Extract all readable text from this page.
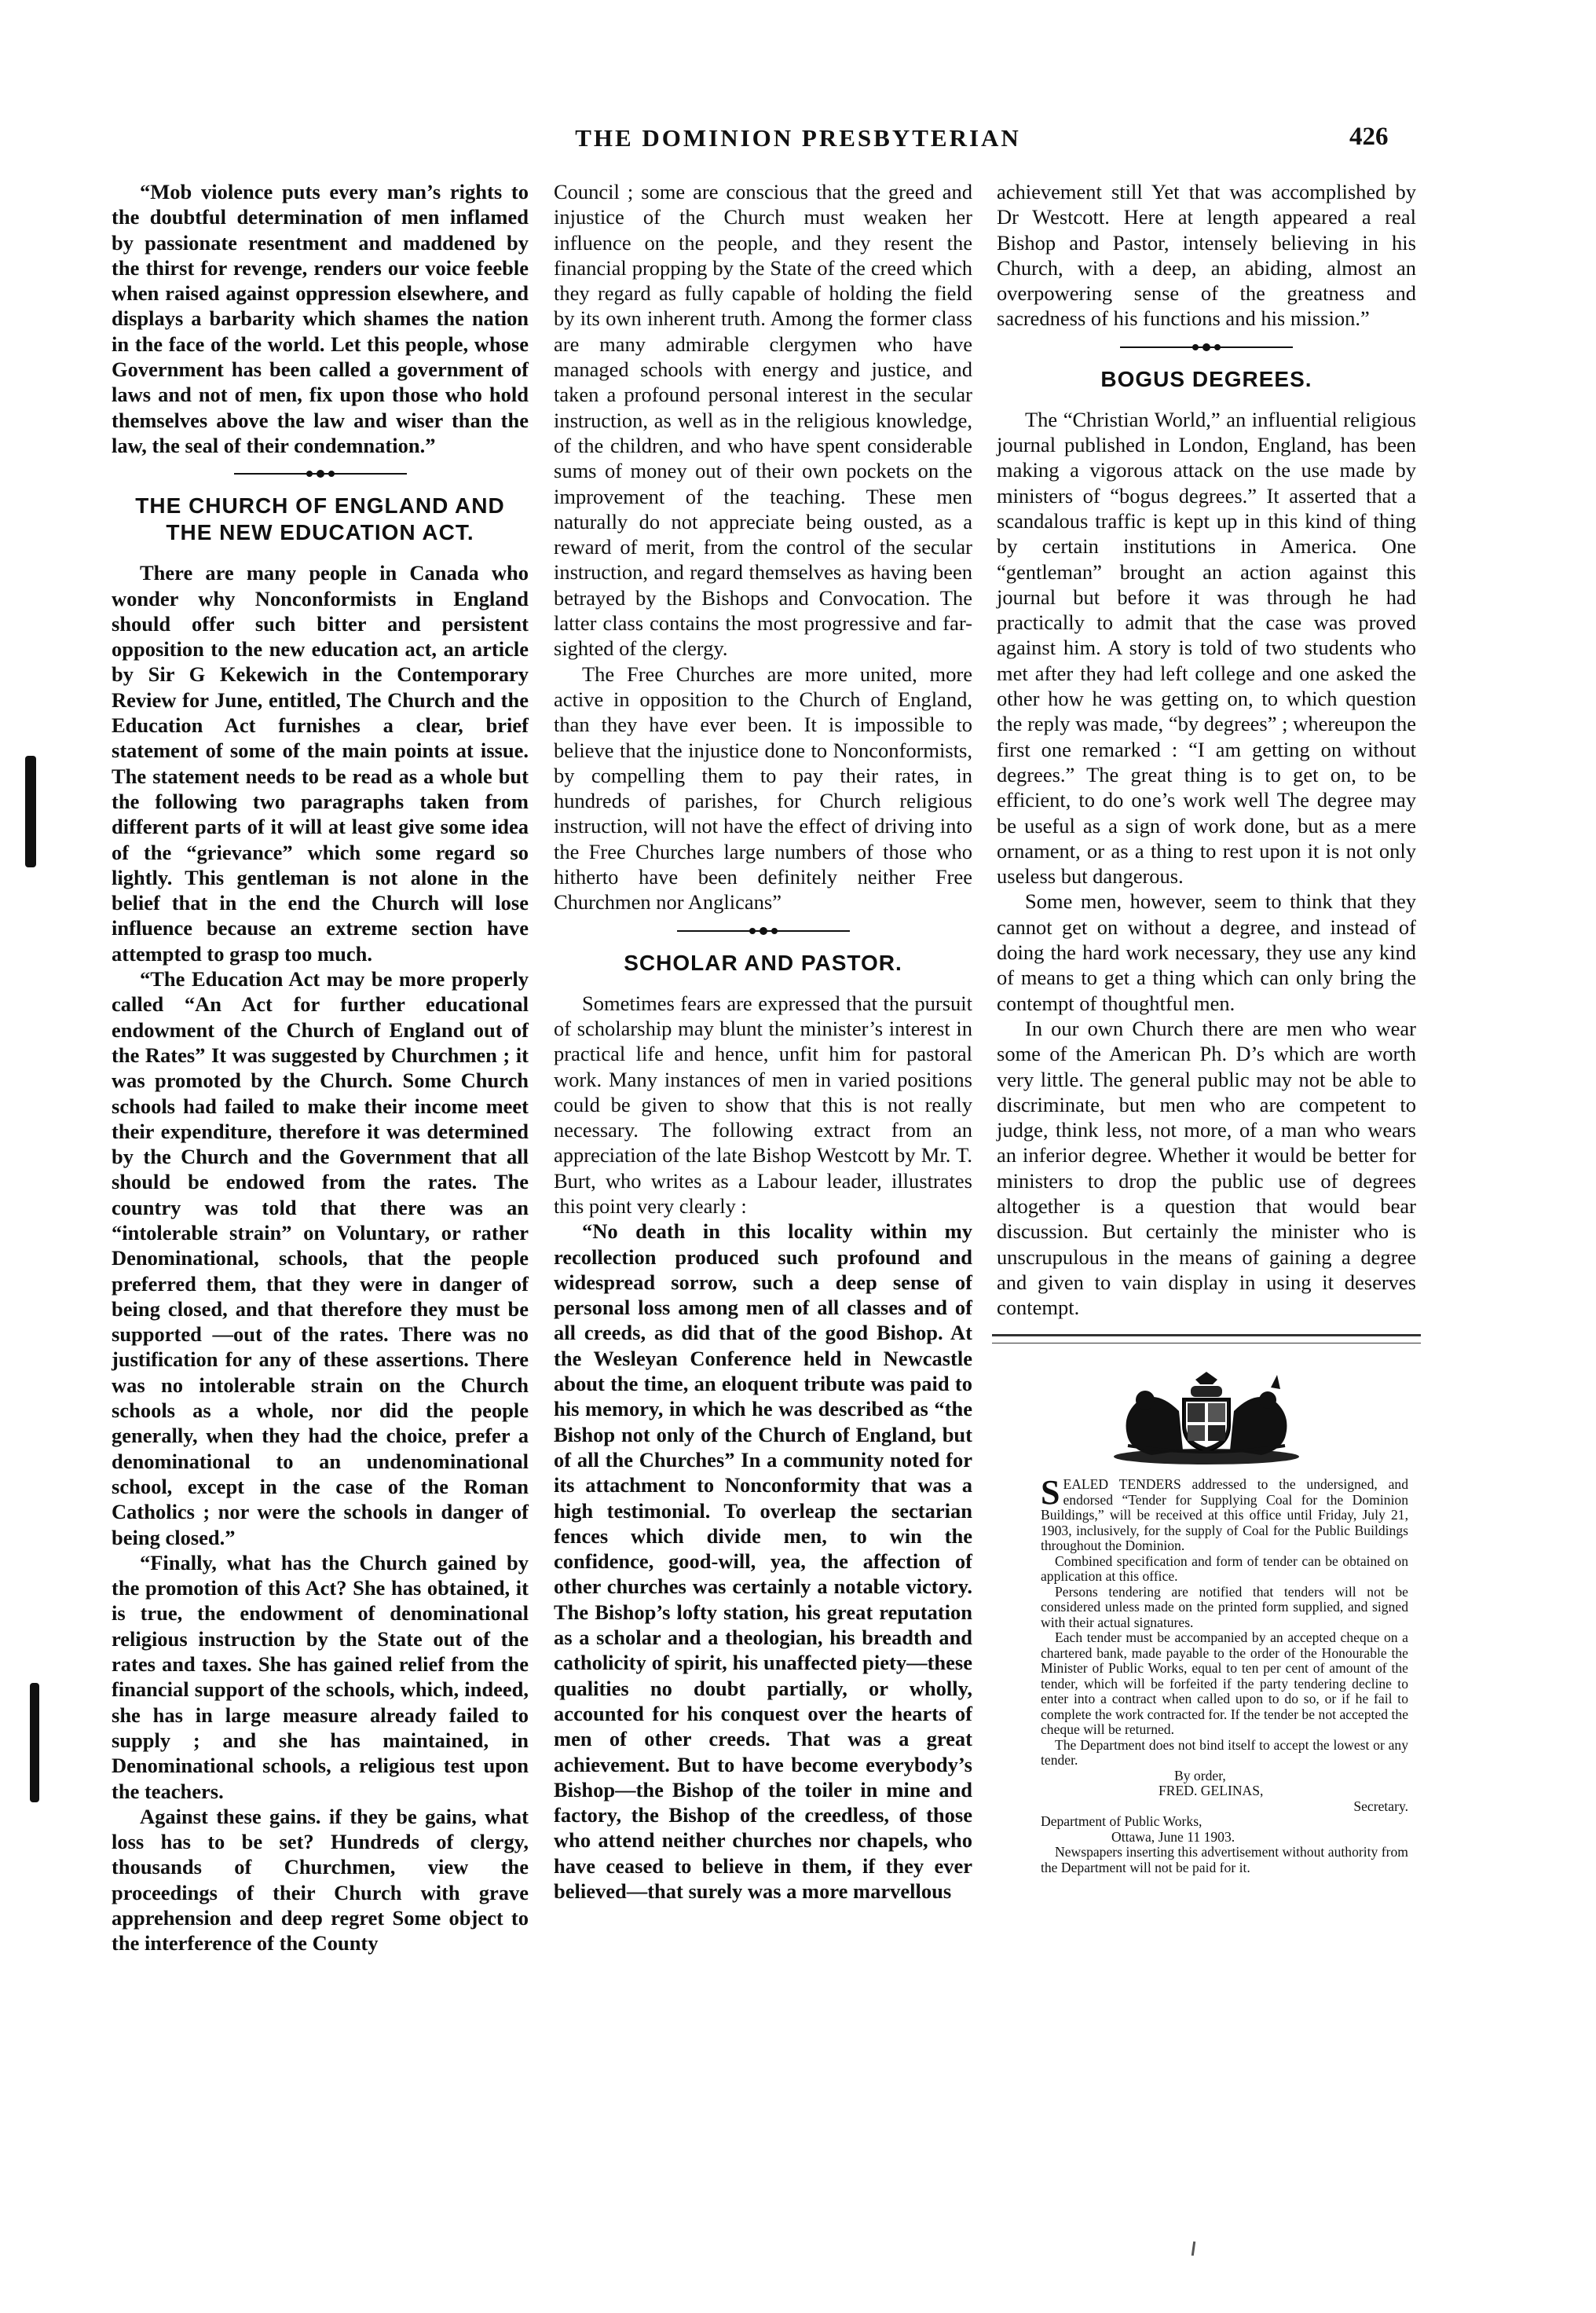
THE DOMINION PRESBYTERIAN	426

“Mob violence puts every man’s rights to the doubtful determination of men inflamed by passionate resentment and maddened by the thirst for revenge, renders our voice feeble when raised against oppression elsewhere, and displays a barbarity which shames the nation in the face of the world. Let this people, whose Government has been called a government of laws and not of men, fix upon those who hold themselves above the law and wiser than the law, the seal of their condemnation.”

THE CHURCH OF ENGLAND AND THE NEW EDUCATION ACT.

There are many people in Canada who wonder why Nonconformists in England should offer such bitter and persistent opposition to the new education act, an article by Sir G Kekewich in the Contemporary Review for June, entitled, The Church and the Education Act furnishes a clear, brief statement of some of the main points at issue. The statement needs to be read as a whole but the following two paragraphs taken from different parts of it will at least give some idea of the “grievance” which some regard so lightly. This gentleman is not alone in the belief that in the end the Church will lose influence because an extreme section have attempted to grasp too much.

“The Education Act may be more properly called “An Act for further educational endowment of the Church of England out of the Rates” It was suggested by Churchmen ; it was promoted by the Church. Some Church schools had failed to make their income meet their expenditure, therefore it was determined by the Church and the Government that all should be endowed from the rates. The country was told that there was an “intolerable strain” on Voluntary, or rather Denominational, schools, that the people preferred them, that they were in danger of being closed, and that therefore they must be supported —out of the rates. There was no justification for any of these assertions. There was no intolerable strain on the Church schools as a whole, nor did the people generally, when they had the choice, prefer a denominational to an undenominational school, except in the case of the Roman Catholics ; nor were the schools in danger of being closed.”

“Finally, what has the Church gained by the promotion of this Act? She has obtained, it is true, the endowment of denominational religious instruction by the State out of the rates and taxes. She has gained relief from the financial support of the schools, which, indeed, she has in large measure already failed to supply ; and she has maintained, in Denominational schools, a religious test upon the teachers.

Against these gains. if they be gains, what loss has to be set? Hundreds of clergy, thousands of Churchmen, view the proceedings of their Church with grave apprehension and deep regret Some object to the interference of the County

Council ; some are conscious that the greed and injustice of the Church must weaken her influence on the people, and they resent the financial propping by the State of the creed which they regard as fully capable of holding the field by its own inherent truth. Among the former class are many admirable clergymen who have managed schools with energy and justice, and taken a profound personal interest in the secular instruction, as well as in the religious knowledge, of the children, and who have spent considerable sums of money out of their own pockets on the improvement of the teaching. These men naturally do not appreciate being ousted, as a reward of merit, from the control of the secular instruction, and regard themselves as having been betrayed by the Bishops and Convocation. The latter class contains the most progressive and far-sighted of the clergy.

The Free Churches are more united, more active in opposition to the Church of England, than they have ever been. It is impossible to believe that the injustice done to Nonconformists, by compelling them to pay their rates, in hundreds of parishes, for Church religious instruction, will not have the effect of driving into the Free Churches large numbers of those who hitherto have been definitely neither Free Churchmen nor Anglicans”

SCHOLAR AND PASTOR.

Sometimes fears are expressed that the pursuit of scholarship may blunt the minister’s interest in practical life and hence, unfit him for pastoral work. Many instances of men in varied positions could be given to show that this is not really necessary. The following extract from an appreciation of the late Bishop Westcott by Mr. T. Burt, who writes as a Labour leader, illustrates this point very clearly :

“No death in this locality within my recollection produced such profound and widespread sorrow, such a deep sense of personal loss among men of all classes and of all creeds, as did that of the good Bishop. At the Wesleyan Conference held in Newcastle about the time, an eloquent tribute was paid to his memory, in which he was described as “the Bishop not only of the Church of England, but of all the Churches” In a community noted for its attachment to Nonconformity that was a high testimonial. To overleap the sectarian fences which divide men, to win the confidence, good-will, yea, the affection of other churches was certainly a notable victory. The Bishop’s lofty station, his great reputation as a scholar and a theologian, his breadth and catholicity of spirit, his unaffected piety—these qualities no doubt partially, or wholly, accounted for his conquest over the hearts of men of other creeds. That was a great achievement. But to have become everybody’s Bishop—the Bishop of the toiler in mine and factory, the Bishop of the creedless, of those who attend neither churches nor chapels, who have ceased to believe in them, if they ever believed—that surely was a more marvellous

achievement still Yet that was accomplished by Dr Westcott. Here at length appeared a real Bishop and Pastor, intensely believing in his Church, with a deep, an abiding, almost an overpowering sense of the greatness and sacredness of his functions and his mission.”

BOGUS DEGREES.

The “Christian World,” an influential religious journal published in London, England, has been making a vigorous attack on the use made by ministers of “bogus degrees.” It asserted that a scandalous traffic is kept up in this kind of thing by certain institutions in America. One “gentleman” brought an action against this journal but before it was through he had practically to admit that the case was proved against him. A story is told of two students who met after they had left college and one asked the other how he was getting on, to which question the reply was made, “by degrees” ; whereupon the first one remarked : “I am getting on without degrees.” The great thing is to get on, to be efficient, to do one’s work well The degree may be useful as a sign of work done, but as a mere ornament, or as a thing to rest upon it is not only useless but dangerous.

Some men, however, seem to think that they cannot get on without a degree, and instead of doing the hard work necessary, they use any kind of means to get a thing which can only bring the contempt of thoughtful men.

In our own Church there are men who wear some of the American Ph. D’s which are worth very little. The general public may not be able to discriminate, but men who are competent to judge, think less, not more, of a man who wears an inferior degree. Whether it would be better for ministers to drop the public use of degrees altogether is a question that would bear discussion. But certainly the minister who is unscrupulous in the means of gaining a degree and given to vain display in using it deserves contempt.

SEALED TENDERS addressed to the undersigned, and endorsed “Tender for Supplying Coal for the Dominion Buildings,” will be received at this office until Friday, July 21, 1903, inclusively, for the supply of Coal for the Public Buildings throughout the Dominion.

Combined specification and form of tender can be obtained on application at this office.

Persons tendering are notified that tenders will not be considered unless made on the printed form supplied, and signed with their actual signatures.

Each tender must be accompanied by an accepted cheque on a chartered bank, made payable to the order of the Honourable the Minister of Public Works, equal to ten per cent of amount of the tender, which will be forfeited if the party tendering decline to enter into a contract when called upon to do so, or if he fail to complete the work contracted for. If the tender be not accepted the cheque will be returned.

The Department does not bind itself to accept the lowest or any tender.

By order,

FRED. GELINAS,

Secretary.

Department of Public Works,

Ottawa, June 11 1903.

Newspapers inserting this advertisement without authority from the Department will not be paid for it.
